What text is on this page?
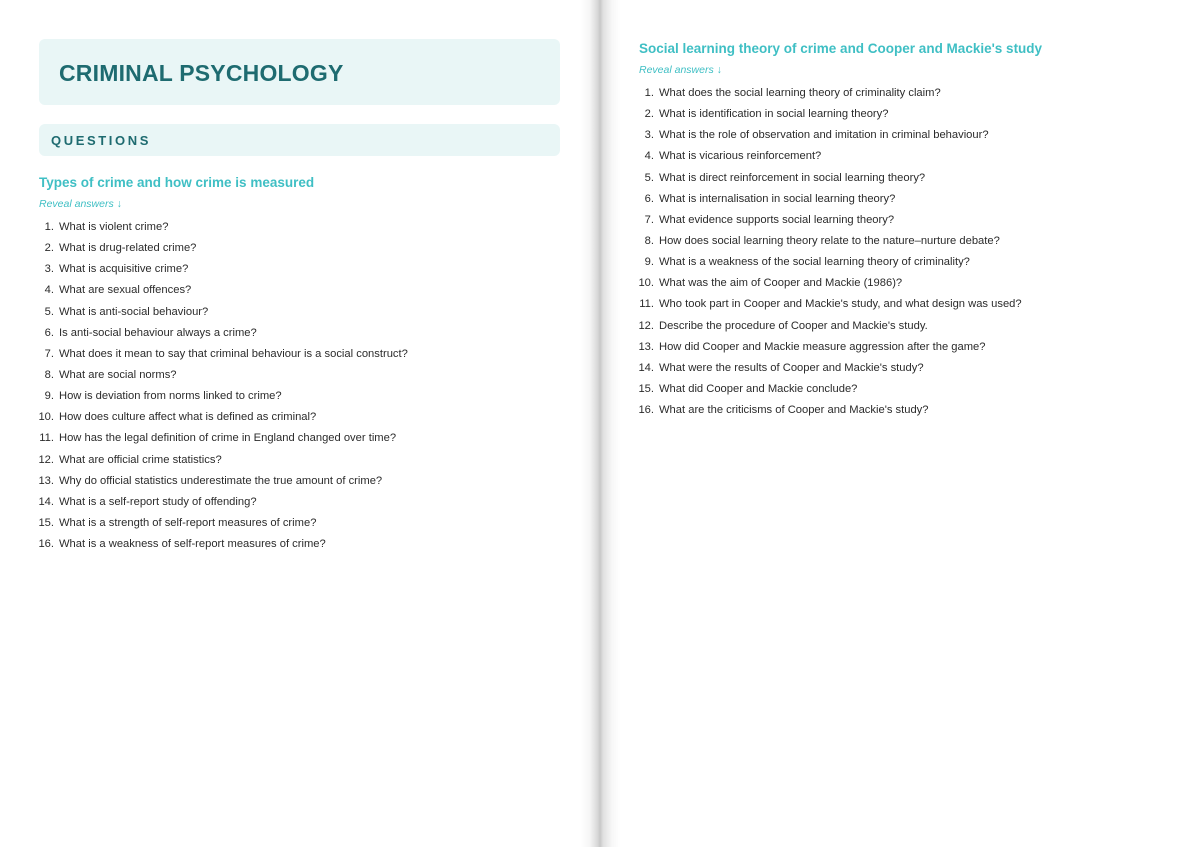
CRIMINAL PSYCHOLOGY
QUESTIONS
Types of crime and how crime is measured
Reveal answers ↓
1. What is violent crime?
2. What is drug-related crime?
3. What is acquisitive crime?
4. What are sexual offences?
5. What is anti-social behaviour?
6. Is anti-social behaviour always a crime?
7. What does it mean to say that criminal behaviour is a social construct?
8. What are social norms?
9. How is deviation from norms linked to crime?
10. How does culture affect what is defined as criminal?
11. How has the legal definition of crime in England changed over time?
12. What are official crime statistics?
13. Why do official statistics underestimate the true amount of crime?
14. What is a self-report study of offending?
15. What is a strength of self-report measures of crime?
16. What is a weakness of self-report measures of crime?
Social learning theory of crime and Cooper and Mackie's study
Reveal answers ↓
1. What does the social learning theory of criminality claim?
2. What is identification in social learning theory?
3. What is the role of observation and imitation in criminal behaviour?
4. What is vicarious reinforcement?
5. What is direct reinforcement in social learning theory?
6. What is internalisation in social learning theory?
7. What evidence supports social learning theory?
8. How does social learning theory relate to the nature–nurture debate?
9. What is a weakness of the social learning theory of criminality?
10. What was the aim of Cooper and Mackie (1986)?
11. Who took part in Cooper and Mackie's study, and what design was used?
12. Describe the procedure of Cooper and Mackie's study.
13. How did Cooper and Mackie measure aggression after the game?
14. What were the results of Cooper and Mackie's study?
15. What did Cooper and Mackie conclude?
16. What are the criticisms of Cooper and Mackie's study?
